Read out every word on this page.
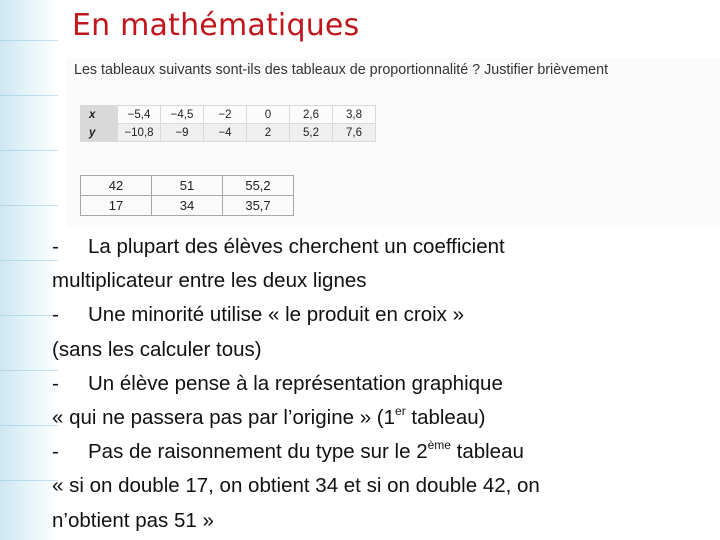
En mathématiques
Les tableaux suivants sont-ils des tableaux de proportionnalité ? Justifier brièvement
x	−5,4	−4,5	−2	0	2,6	3,8
y	−10,8	−9	−4	2	5,2	7,6
42	51	55,2
17	34	35,7
- La plupart des élèves cherchent un coefficient
multiplicateur entre les deux lignes
- Une minorité utilise « le produit en croix »
(sans les calculer tous)
- Un élève pense à la représentation graphique
« qui ne passera pas par l’origine » (1er tableau)
- Pas de raisonnement du type sur le 2ème tableau
« si on double 17, on obtient 34 et si on double 42, on
n’obtient pas 51 »
